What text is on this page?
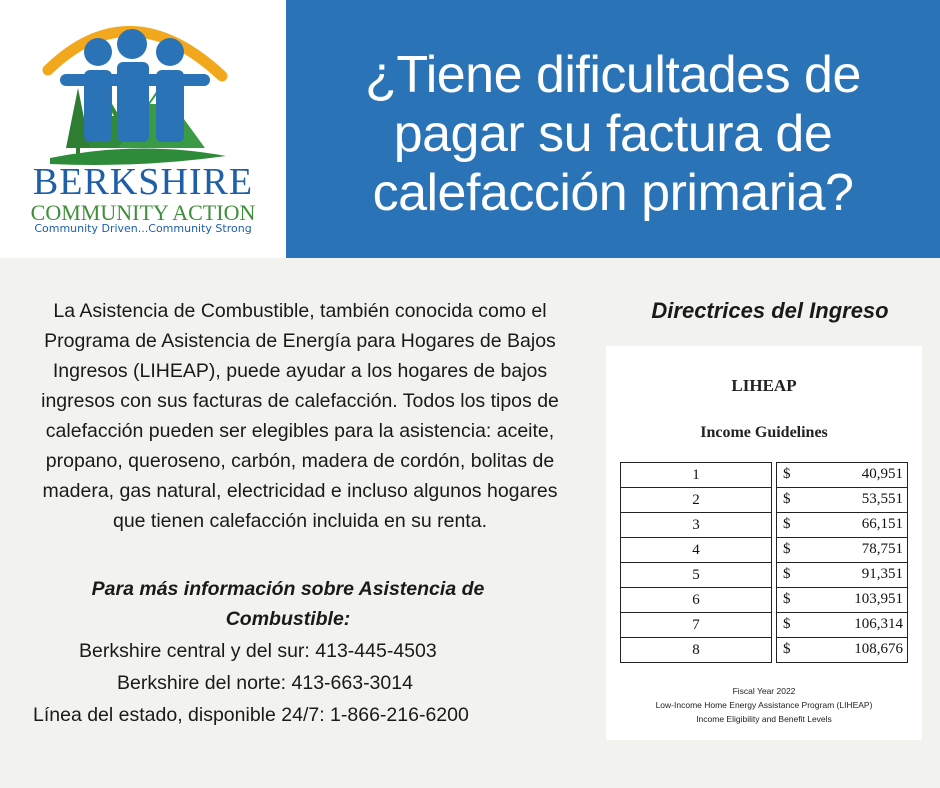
BERKSHIRE
COMMUNITY ACTION
Community Driven...Community Strong
¿Tiene dificultades de
pagar su factura de
calefacción primaria?
La Asistencia de Combustible, también conocida como el
Programa de Asistencia de Energía para Hogares de Bajos
Ingresos (LIHEAP), puede ayudar a los hogares de bajos
ingresos con sus facturas de calefacción. Todos los tipos de
calefacción pueden ser elegibles para la asistencia: aceite,
propano, queroseno, carbón, madera de cordón, bolitas de
madera, gas natural, electricidad e incluso algunos hogares
que tienen calefacción incluida en su renta.
Para más información sobre Asistencia de
Combustible:
Berkshire central y del sur: 413-445-4503
Berkshire del norte: 413-663-3014
Línea del estado, disponible 24/7: 1-866-216-6200
Directrices del Ingreso
LIHEAP
Income Guidelines
1		$ 40,951

2		$ 53,551

3		$ 66,151

4		$ 78,751

5		$ 91,351

6		$ 103,951

7		$ 106,314

8		$ 108,676
Fiscal Year 2022
Low-Income Home Energy Assistance Program (LIHEAP)
Income Eligibility and Benefit Levels
